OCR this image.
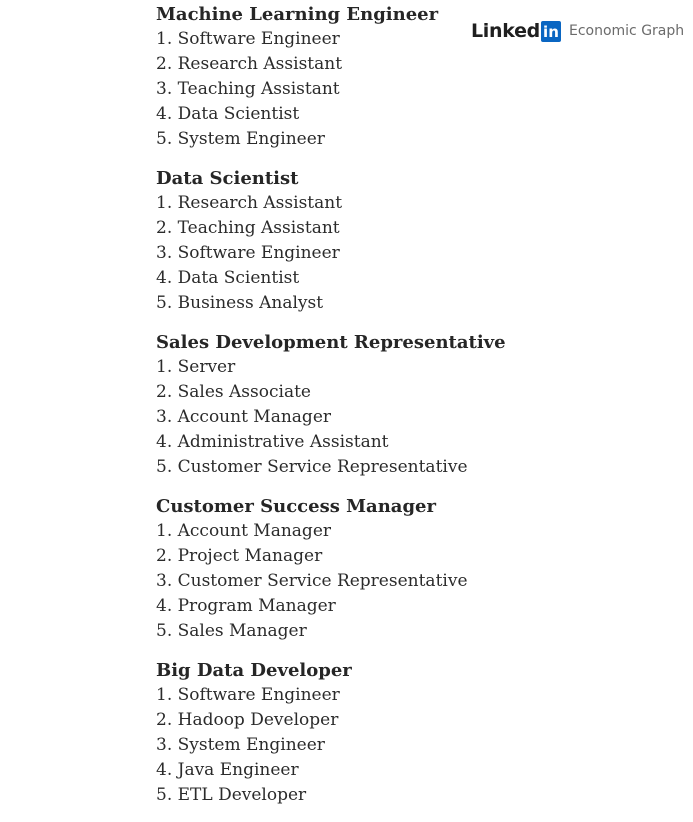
Linked in Economic Graph
Machine Learning Engineer
1. Software Engineer
2. Research Assistant
3. Teaching Assistant
4. Data Scientist
5. System Engineer
Data Scientist
1. Research Assistant
2. Teaching Assistant
3. Software Engineer
4. Data Scientist
5. Business Analyst
Sales Development Representative
1. Server
2. Sales Associate
3. Account Manager
4. Administrative Assistant
5. Customer Service Representative
Customer Success Manager
1. Account Manager
2. Project Manager
3. Customer Service Representative
4. Program Manager
5. Sales Manager
Big Data Developer
1. Software Engineer
2. Hadoop Developer
3. System Engineer
4. Java Engineer
5. ETL Developer
